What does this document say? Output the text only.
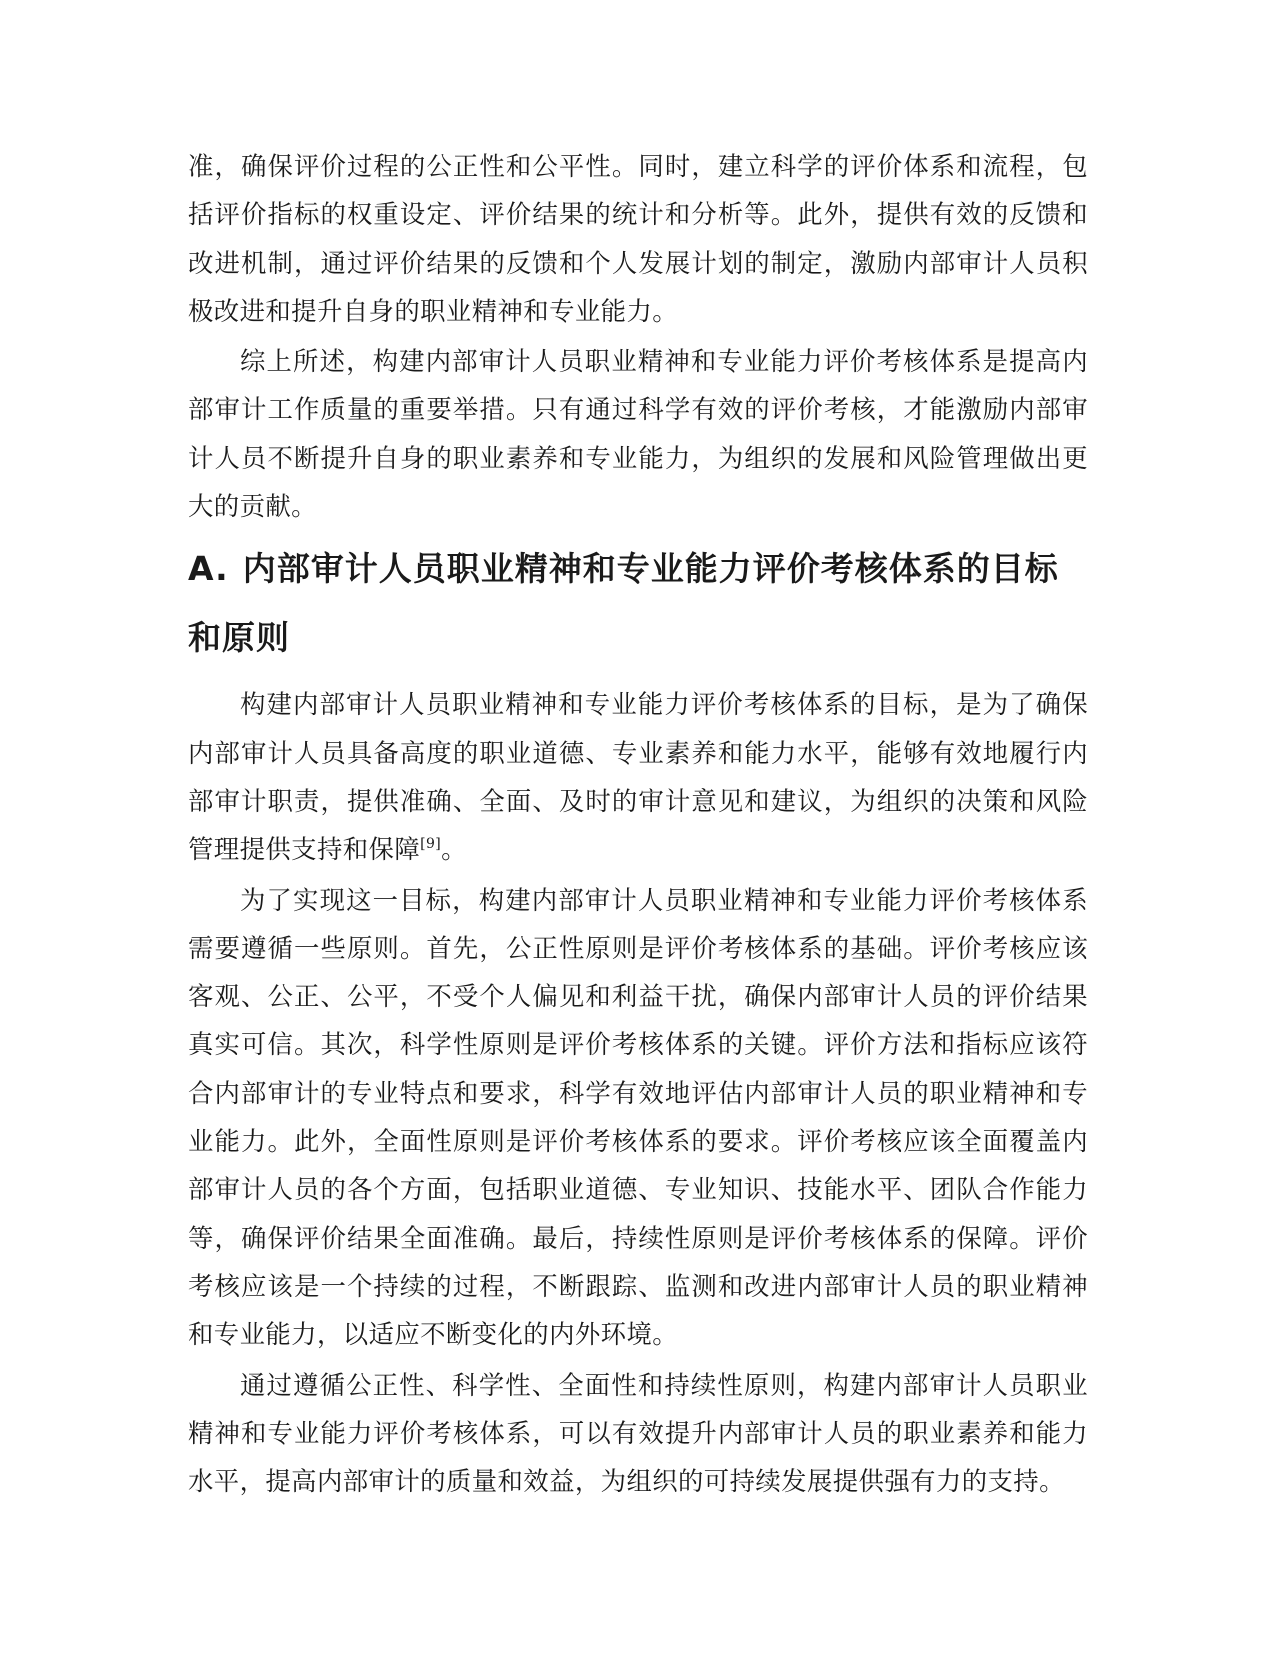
准，确保评价过程的公正性和公平性。同时，建立科学的评价体系和流程，包括评价指标的权重设定、评价结果的统计和分析等。此外，提供有效的反馈和改进机制，通过评价结果的反馈和个人发展计划的制定，激励内部审计人员积极改进和提升自身的职业精神和专业能力。

综上所述，构建内部审计人员职业精神和专业能力评价考核体系是提高内部审计工作质量的重要举措。只有通过科学有效的评价考核，才能激励内部审计人员不断提升自身的职业素养和专业能力，为组织的发展和风险管理做出更大的贡献。

A. 内部审计人员职业精神和专业能力评价考核体系的目标和原则

构建内部审计人员职业精神和专业能力评价考核体系的目标，是为了确保内部审计人员具备高度的职业道德、专业素养和能力水平，能够有效地履行内部审计职责，提供准确、全面、及时的审计意见和建议，为组织的决策和风险管理提供支持和保障[9]。

为了实现这一目标，构建内部审计人员职业精神和专业能力评价考核体系需要遵循一些原则。首先，公正性原则是评价考核体系的基础。评价考核应该客观、公正、公平，不受个人偏见和利益干扰，确保内部审计人员的评价结果真实可信。其次，科学性原则是评价考核体系的关键。评价方法和指标应该符合内部审计的专业特点和要求，科学有效地评估内部审计人员的职业精神和专业能力。此外，全面性原则是评价考核体系的要求。评价考核应该全面覆盖内部审计人员的各个方面，包括职业道德、专业知识、技能水平、团队合作能力等，确保评价结果全面准确。最后，持续性原则是评价考核体系的保障。评价考核应该是一个持续的过程，不断跟踪、监测和改进内部审计人员的职业精神和专业能力，以适应不断变化的内外环境。

通过遵循公正性、科学性、全面性和持续性原则，构建内部审计人员职业精神和专业能力评价考核体系，可以有效提升内部审计人员的职业素养和能力水平，提高内部审计的质量和效益，为组织的可持续发展提供强有力的支持。
